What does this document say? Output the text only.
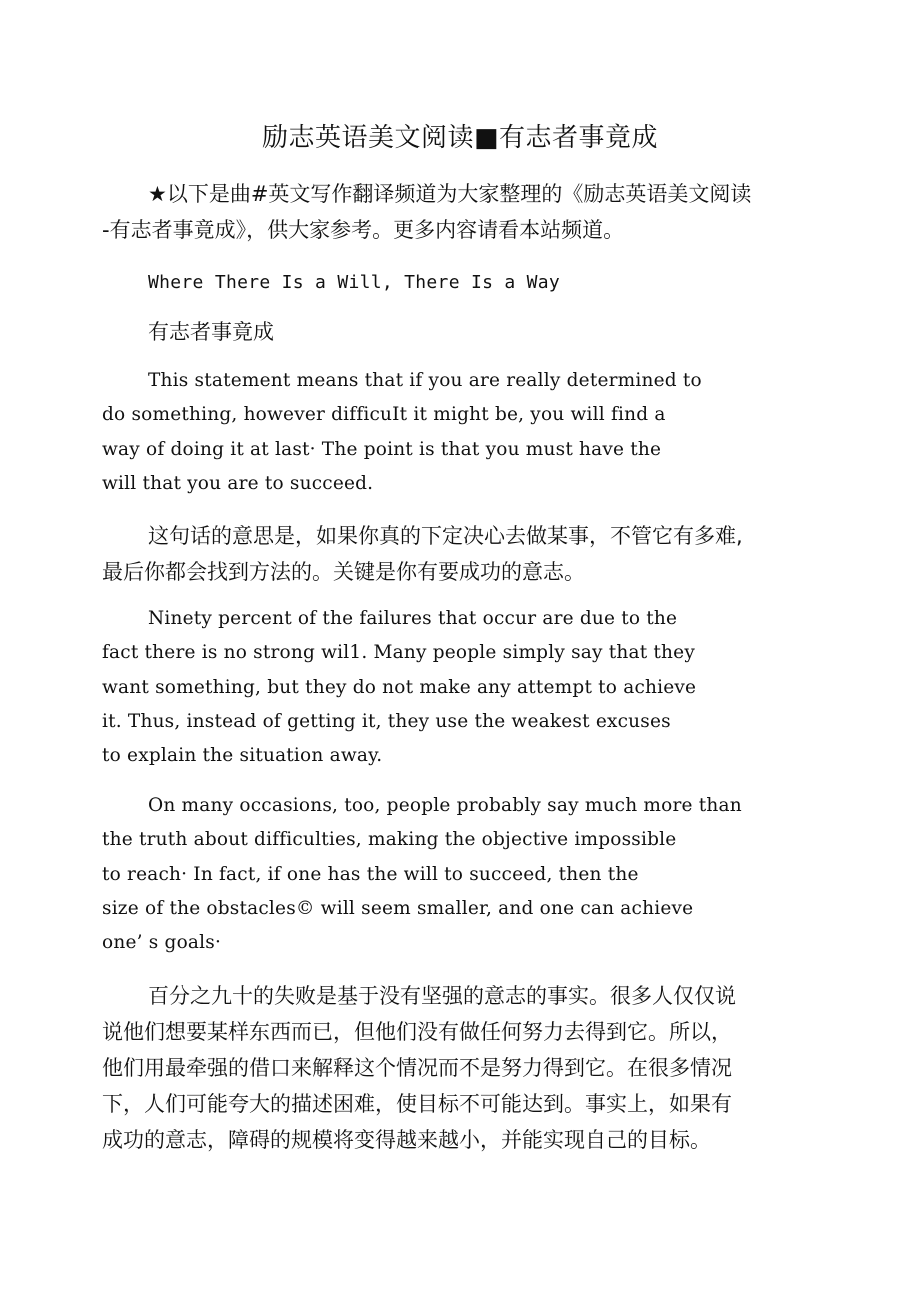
励志英语美文阅读■有志者事竟成
★以下是曲#英文写作翻译频道为大家整理的《励志英语美文阅读
-有志者事竟成》，供大家参考。更多内容请看本站频道。
Where There Is a Will, There Is a Way
有志者事竟成
This statement means that if you are really determined to
do something, however difficuIt it might be, you will find a
way of doing it at last· The point is that you must have the
will that you are to succeed.
这句话的意思是，如果你真的下定决心去做某事，不管它有多难,
最后你都会找到方法的。关键是你有要成功的意志。
Ninety percent of the failures that occur are due to the
fact there is no strong wil1. Many people simply say that they
want something, but they do not make any attempt to achieve
it. Thus, instead of getting it, they use the weakest excuses
to explain the situation away.
On many occasions, too, people probably say much more than
the truth about difficulties, making the objective impossible
to reach· In fact, if one has the will to succeed, then the
size of the obstacles© will seem smaller, and one can achieve
one’ s goals·
百分之九十的失败是基于没有坚强的意志的事实。很多人仅仅说
说他们想要某样东西而已，但他们没有做任何努力去得到它。所以，
他们用最牵强的借口来解释这个情况而不是努力得到它。在很多情况
下，人们可能夸大的描述困难，使目标不可能达到。事实上，如果有
成功的意志，障碍的规模将变得越来越小，并能实现自己的目标。
